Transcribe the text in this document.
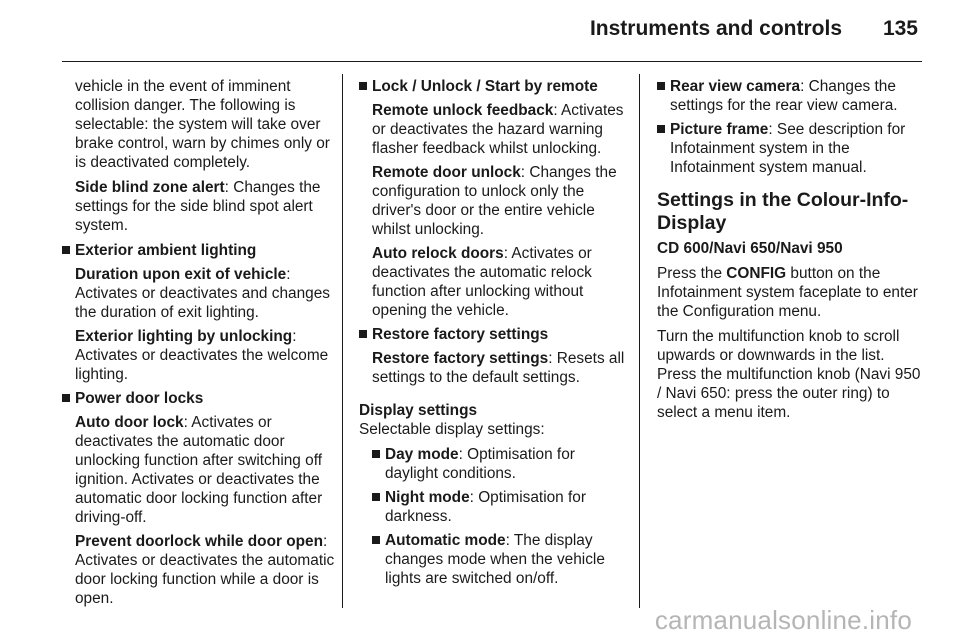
Instruments and controls 135

vehicle in the event of imminent collision danger. The following is selectable: the system will take over brake control, warn by chimes only or is deactivated completely.

Side blind zone alert: Changes the settings for the side blind spot alert system.

Exterior ambient lighting

Duration upon exit of vehicle: Activates or deactivates and changes the duration of exit lighting.

Exterior lighting by unlocking: Activates or deactivates the welcome lighting.

Power door locks

Auto door lock: Activates or deactivates the automatic door unlocking function after switching off ignition. Activates or deactivates the automatic door locking function after driving-off.

Prevent doorlock while door open: Activates or deactivates the automatic door locking function while a door is open.

Lock / Unlock / Start by remote

Remote unlock feedback: Activates or deactivates the hazard warning flasher feedback whilst unlocking.

Remote door unlock: Changes the configuration to unlock only the driver's door or the entire vehicle whilst unlocking.

Auto relock doors: Activates or deactivates the automatic relock function after unlocking without opening the vehicle.

Restore factory settings

Restore factory settings: Resets all settings to the default settings.

Display settings

Selectable display settings:

Day mode: Optimisation for daylight conditions.

Night mode: Optimisation for darkness.

Automatic mode: The display changes mode when the vehicle lights are switched on/off.

Rear view camera: Changes the settings for the rear view camera.

Picture frame: See description for Infotainment system in the Infotainment system manual.

Settings in the Colour-Info-Display

CD 600/Navi 650/Navi 950

Press the CONFIG button on the Infotainment system faceplate to enter the Configuration menu.

Turn the multifunction knob to scroll upwards or downwards in the list. Press the multifunction knob (Navi 950 / Navi 650: press the outer ring) to select a menu item.

carmanualsonline.info
